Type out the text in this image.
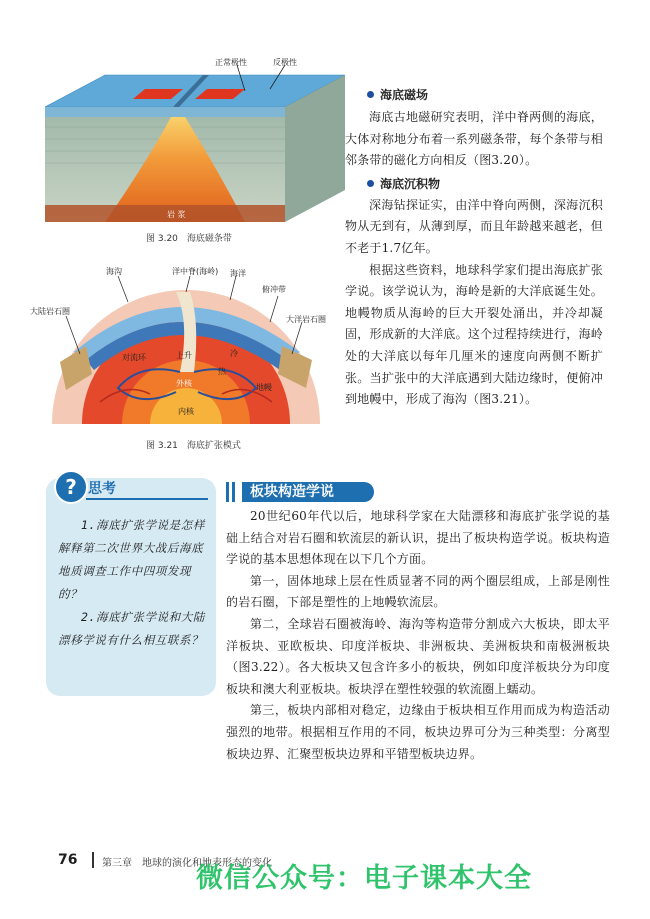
正常极性	反极性
岩 浆
图 3.20　海底磁条带
海沟	洋中脊(海岭) 海洋
俯冲带
大陆岩石圈
大洋岩石圈
对流环	上升	冷
热
地幔
外核
内核
图 3.21　海底扩张模式
海底磁场

海底古地磁研究表明，洋中脊两侧的海底，大体对称地分布着一系列磁条带，每个条带与相邻条带的磁化方向相反（图3.20）。

海底沉积物

深海钻探证实，由洋中脊向两侧，深海沉积物从无到有，从薄到厚，而且年龄越来越老，但不老于1.7亿年。

根据这些资料，地球科学家们提出海底扩张学说。该学说认为，海岭是新的大洋底诞生处。地幔物质从海岭的巨大开裂处涌出，并冷却凝固，形成新的大洋底。这个过程持续进行，海岭处的大洋底以每年几厘米的速度向两侧不断扩张。当扩张中的大洋底遇到大陆边缘时，便俯冲到地幔中，形成了海沟（图3.21）。

? 思考

1.海底扩张学说是怎样解释第二次世界大战后海底地质调查工作中四项发现的？

2.海底扩张学说和大陆漂移学说有什么相互联系？

板块构造学说

20世纪60年代以后，地球科学家在大陆漂移和海底扩张学说的基础上结合对岩石圈和软流层的新认识，提出了板块构造学说。板块构造学说的基本思想体现在以下几个方面。

第一，固体地球上层在性质显著不同的两个圈层组成，上部是刚性的岩石圈，下部是塑性的上地幔软流层。

第二，全球岩石圈被海岭、海沟等构造带分割成六大板块，即太平洋板块、亚欧板块、印度洋板块、非洲板块、美洲板块和南极洲板块（图3.22）。各大板块又包含许多小的板块，例如印度洋板块分为印度板块和澳大利亚板块。板块浮在塑性较强的软流圈上蠕动。

第三，板块内部相对稳定，边缘由于板块相互作用而成为构造活动强烈的地带。根据相互作用的不同，板块边界可分为三种类型：分离型板块边界、汇聚型板块边界和平错型板块边界。

76 第三章　地球的演化和地表形态的变化
微信公众号：电子课本大全
